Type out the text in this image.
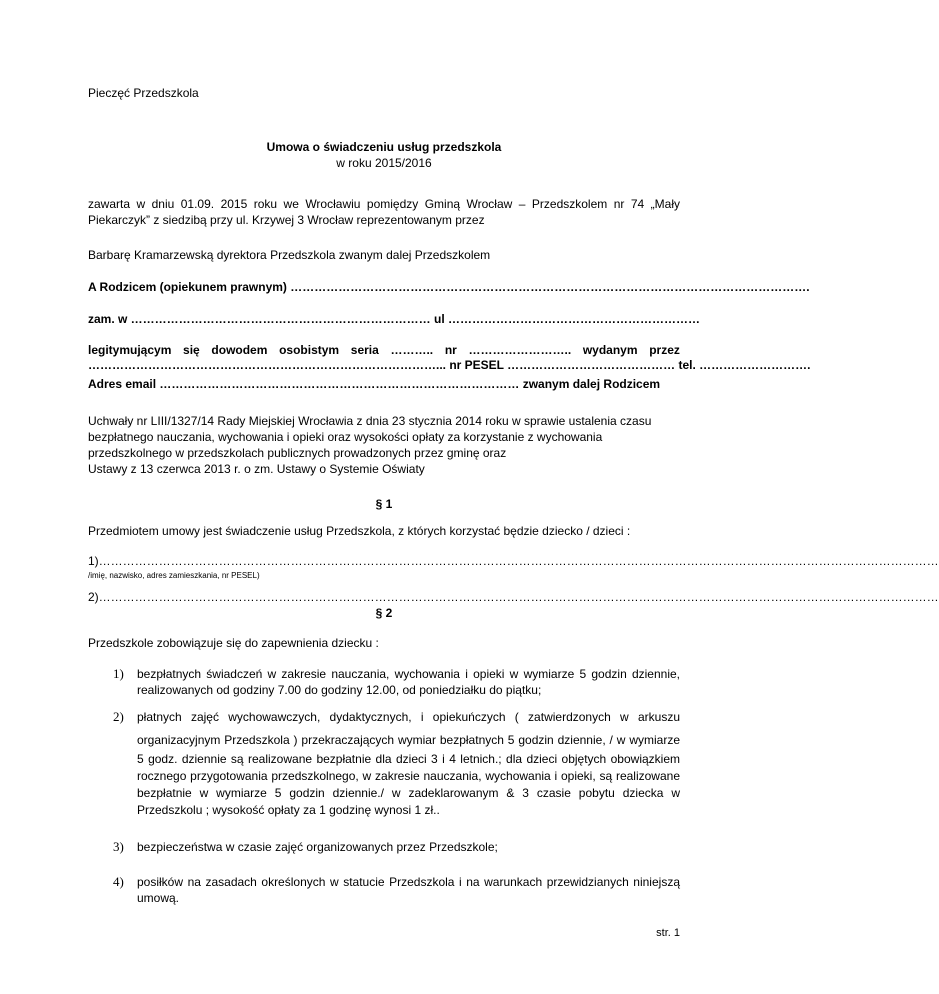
Pieczęć Przedszkola
Umowa o świadczeniu usług przedszkola
w roku 2015/2016
zawarta w dniu 01.09. 2015 roku we Wrocławiu pomiędzy Gminą Wrocław – Przedszkolem nr 74 „Mały
Piekarczyk” z siedzibą przy ul. Krzywej 3 Wrocław reprezentowanym przez
Barbarę Kramarzewską dyrektora Przedszkola zwanym dalej Przedszkolem
A Rodzicem (opiekunem prawnym) ………………………………………………………………………………………………………………….
zam. w ………………………………………………………………… ul ………………………………………………………
legitymującym się dowodem osobistym seria ……….. nr …………………….. wydanym przez
……………………………………………………………………………... nr PESEL …………………………………… tel. ……………………….
Adres email ……………………………………………………………………………… zwanym dalej Rodzicem
Uchwały nr LIII/1327/14 Rady Miejskiej Wrocławia z dnia 23 stycznia 2014 roku w sprawie ustalenia czasu
bezpłatnego nauczania, wychowania i opieki oraz wysokości opłaty za korzystanie z wychowania
przedszkolnego w przedszkolach publicznych prowadzonych przez gminę oraz
Ustawy z 13 czerwca 2013 r. o zm. Ustawy o Systemie Oświaty
§ 1
Przedmiotem umowy jest świadczenie usług Przedszkola, z których korzystać będzie dziecko / dzieci :
1)…………………………………………………………………………………………………………………………………………………………………………………………
/imię, nazwisko, adres zamieszkania, nr PESEL)
2)…………………………………………………………………………………………………………………………………………………………………………………………
§ 2
Przedszkole zobowiązuje się do zapewnienia dziecku :
1) bezpłatnych świadczeń w zakresie nauczania, wychowania i opieki w wymiarze 5 godzin dziennie,
realizowanych od godziny 7.00 do godziny 12.00, od poniedziałku do piątku;
2) płatnych zajęć wychowawczych, dydaktycznych, i opiekuńczych ( zatwierdzonych w arkuszu
organizacyjnym Przedszkola ) przekraczających wymiar bezpłatnych 5 godzin dziennie, / w wymiarze
5 godz. dziennie są realizowane bezpłatnie dla dzieci 3 i 4 letnich.; dla dzieci objętych obowiązkiem
rocznego przygotowania przedszkolnego, w zakresie nauczania, wychowania i opieki, są realizowane
bezpłatnie w wymiarze 5 godzin dziennie./ w zadeklarowanym & 3 czasie pobytu dziecka w
Przedszkolu ; wysokość opłaty za 1 godzinę wynosi 1 zł..
3) bezpieczeństwa w czasie zajęć organizowanych przez Przedszkole;
4) posiłków na zasadach określonych w statucie Przedszkola i na warunkach przewidzianych niniejszą
umową.
str. 1
